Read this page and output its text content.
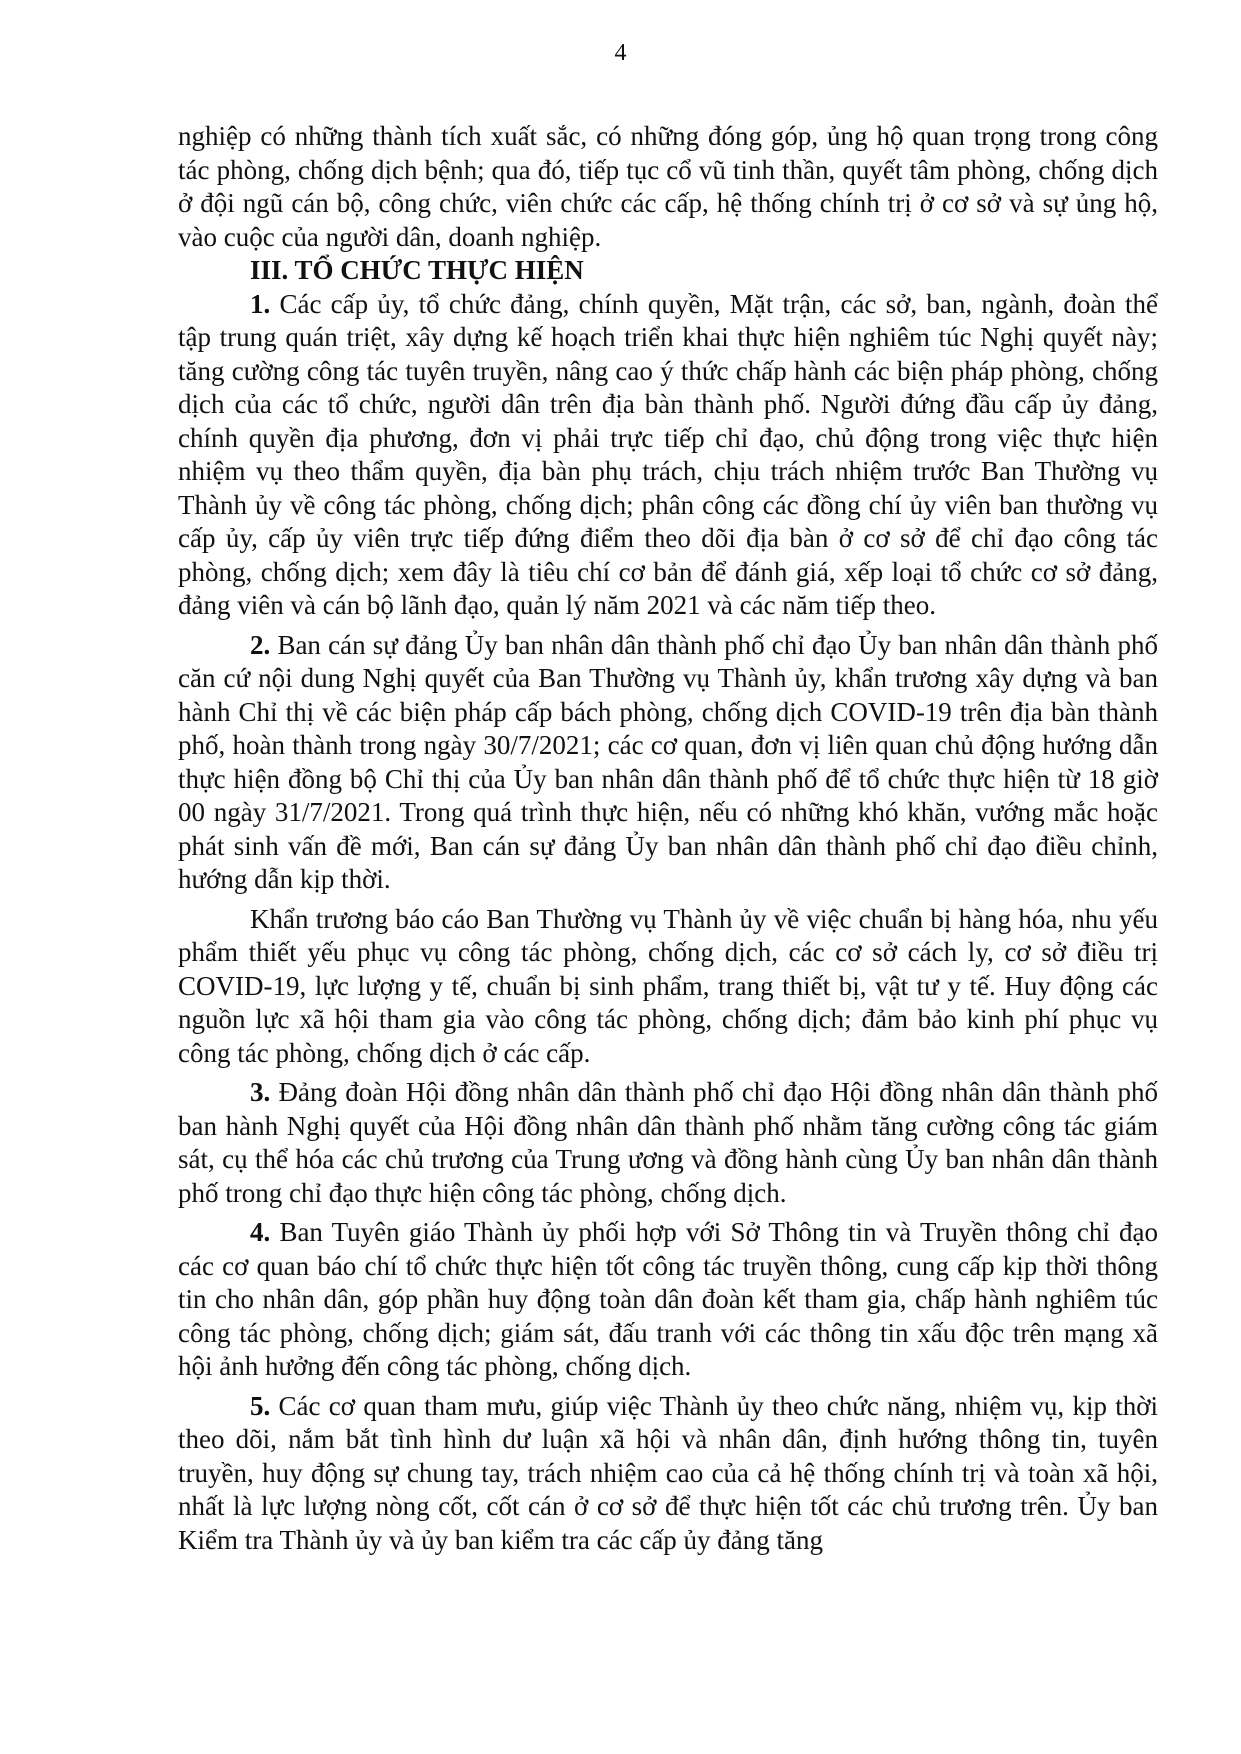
4

nghiệp có những thành tích xuất sắc, có những đóng góp, ủng hộ quan trọng trong công tác phòng, chống dịch bệnh; qua đó, tiếp tục cổ vũ tinh thần, quyết tâm phòng, chống dịch ở đội ngũ cán bộ, công chức, viên chức các cấp, hệ thống chính trị ở cơ sở và sự ủng hộ, vào cuộc của người dân, doanh nghiệp.

III. TỔ CHỨC THỰC HIỆN

1. Các cấp ủy, tổ chức đảng, chính quyền, Mặt trận, các sở, ban, ngành, đoàn thể tập trung quán triệt, xây dựng kế hoạch triển khai thực hiện nghiêm túc Nghị quyết này; tăng cường công tác tuyên truyền, nâng cao ý thức chấp hành các biện pháp phòng, chống dịch của các tổ chức, người dân trên địa bàn thành phố. Người đứng đầu cấp ủy đảng, chính quyền địa phương, đơn vị phải trực tiếp chỉ đạo, chủ động trong việc thực hiện nhiệm vụ theo thẩm quyền, địa bàn phụ trách, chịu trách nhiệm trước Ban Thường vụ Thành ủy về công tác phòng, chống dịch; phân công các đồng chí ủy viên ban thường vụ cấp ủy, cấp ủy viên trực tiếp đứng điểm theo dõi địa bàn ở cơ sở để chỉ đạo công tác phòng, chống dịch; xem đây là tiêu chí cơ bản để đánh giá, xếp loại tổ chức cơ sở đảng, đảng viên và cán bộ lãnh đạo, quản lý năm 2021 và các năm tiếp theo.

2. Ban cán sự đảng Ủy ban nhân dân thành phố chỉ đạo Ủy ban nhân dân thành phố căn cứ nội dung Nghị quyết của Ban Thường vụ Thành ủy, khẩn trương xây dựng và ban hành Chỉ thị về các biện pháp cấp bách phòng, chống dịch COVID-19 trên địa bàn thành phố, hoàn thành trong ngày 30/7/2021; các cơ quan, đơn vị liên quan chủ động hướng dẫn thực hiện đồng bộ Chỉ thị của Ủy ban nhân dân thành phố để tổ chức thực hiện từ 18 giờ 00 ngày 31/7/2021. Trong quá trình thực hiện, nếu có những khó khăn, vướng mắc hoặc phát sinh vấn đề mới, Ban cán sự đảng Ủy ban nhân dân thành phố chỉ đạo điều chỉnh, hướng dẫn kịp thời.

Khẩn trương báo cáo Ban Thường vụ Thành ủy về việc chuẩn bị hàng hóa, nhu yếu phẩm thiết yếu phục vụ công tác phòng, chống dịch, các cơ sở cách ly, cơ sở điều trị COVID-19, lực lượng y tế, chuẩn bị sinh phẩm, trang thiết bị, vật tư y tế. Huy động các nguồn lực xã hội tham gia vào công tác phòng, chống dịch; đảm bảo kinh phí phục vụ công tác phòng, chống dịch ở các cấp.

3. Đảng đoàn Hội đồng nhân dân thành phố chỉ đạo Hội đồng nhân dân thành phố ban hành Nghị quyết của Hội đồng nhân dân thành phố nhằm tăng cường công tác giám sát, cụ thể hóa các chủ trương của Trung ương và đồng hành cùng Ủy ban nhân dân thành phố trong chỉ đạo thực hiện công tác phòng, chống dịch.

4. Ban Tuyên giáo Thành ủy phối hợp với Sở Thông tin và Truyền thông chỉ đạo các cơ quan báo chí tổ chức thực hiện tốt công tác truyền thông, cung cấp kịp thời thông tin cho nhân dân, góp phần huy động toàn dân đoàn kết tham gia, chấp hành nghiêm túc công tác phòng, chống dịch; giám sát, đấu tranh với các thông tin xấu độc trên mạng xã hội ảnh hưởng đến công tác phòng, chống dịch.

5. Các cơ quan tham mưu, giúp việc Thành ủy theo chức năng, nhiệm vụ, kịp thời theo dõi, nắm bắt tình hình dư luận xã hội và nhân dân, định hướng thông tin, tuyên truyền, huy động sự chung tay, trách nhiệm cao của cả hệ thống chính trị và toàn xã hội, nhất là lực lượng nòng cốt, cốt cán ở cơ sở để thực hiện tốt các chủ trương trên. Ủy ban Kiểm tra Thành ủy và ủy ban kiểm tra các cấp ủy đảng tăng
